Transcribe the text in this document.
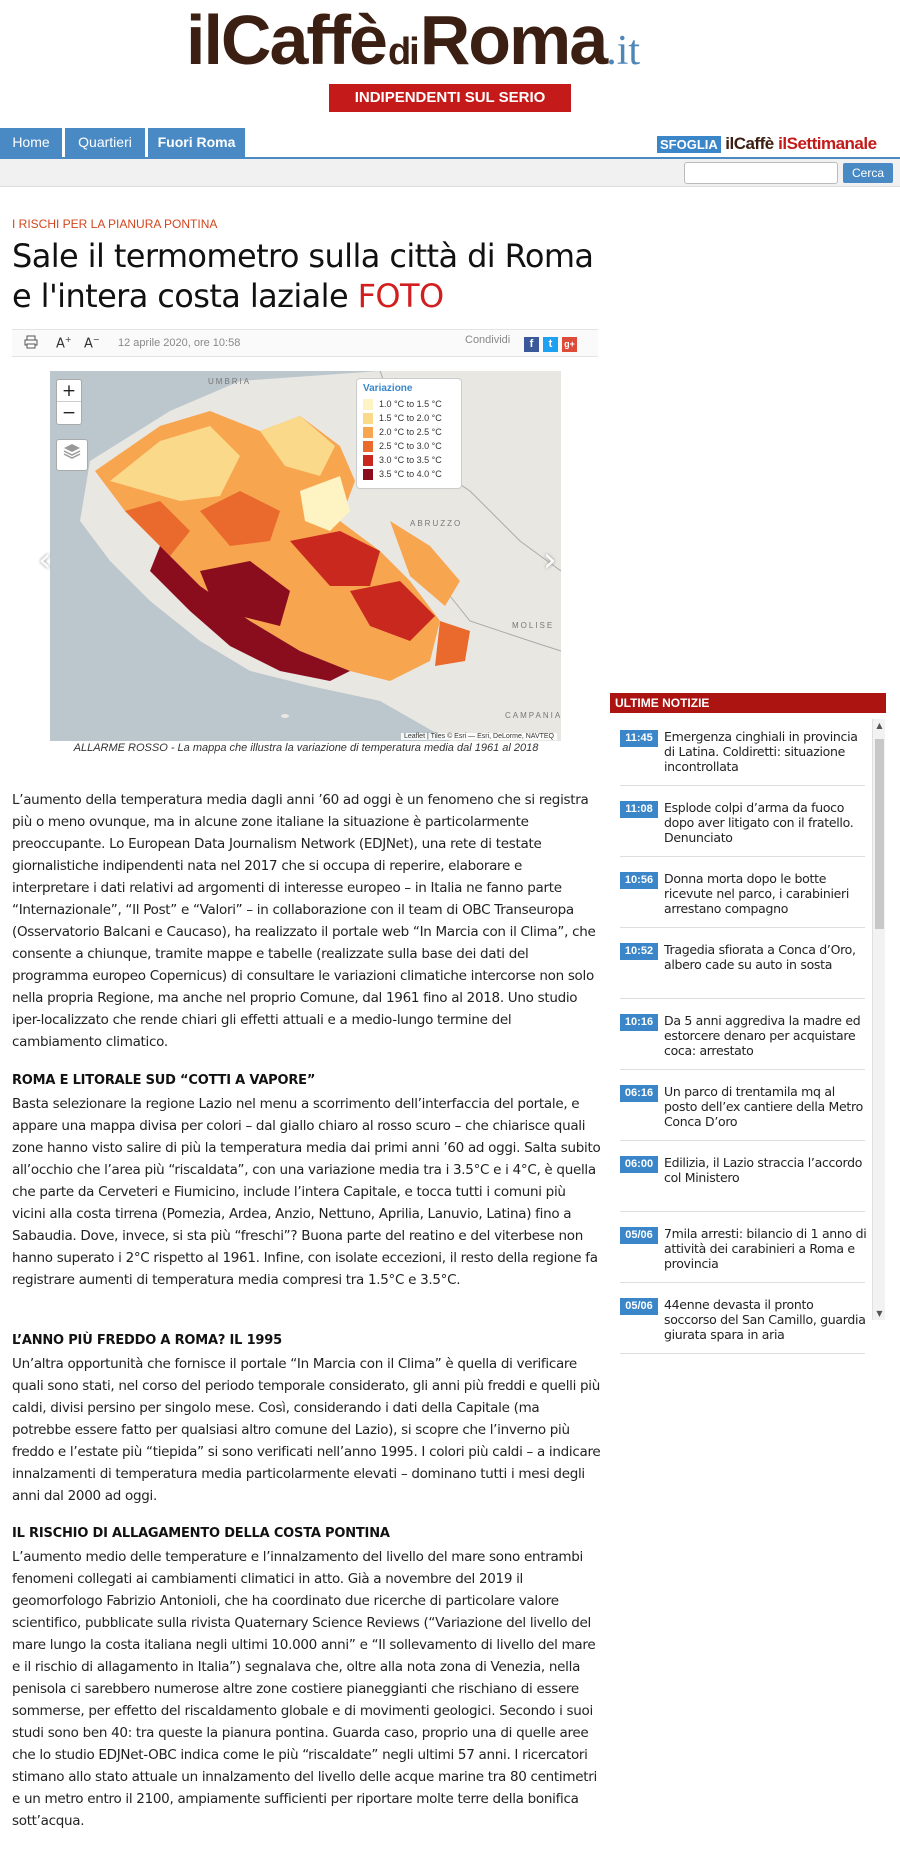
ilCaffèdiRoma.it
INDIPENDENTI SUL SERIO
Home	Quartieri	Fuori Roma	SFOGLIA ilCaffè ilSettimanale
Cerca
I RISCHI PER LA PIANURA PONTINA
Sale il termometro sulla città di Roma e l'intera costa laziale FOTO
A+ A− 12 aprile 2020, ore 10:58	Condividi	f	t	g+
UMBRIA
ABRUZZO
MOLISE
CAMPANIA
+
−
Variazione
1.0 °C to 1.5 °C
1.5 °C to 2.0 °C
2.0 °C to 2.5 °C
2.5 °C to 3.0 °C
3.0 °C to 3.5 °C
3.5 °C to 4.0 °C
Leaflet | Tiles © Esri — Esri, DeLorme, NAVTEQ
‹	›
ALLARME ROSSO - La mappa che illustra la variazione di temperatura media dal 1961 al 2018

L’aumento della temperatura media dagli anni ’60 ad oggi è un fenomeno che si registra più o meno ovunque, ma in alcune zone italiane la situazione è particolarmente preoccupante. Lo European Data Journalism Network (EDJNet), una rete di testate giornalistiche indipendenti nata nel 2017 che si occupa di reperire, elaborare e interpretare i dati relativi ad argomenti di interesse europeo – in Italia ne fanno parte “Internazionale”, “Il Post” e “Valori” – in collaborazione con il team di OBC Transeuropa (Osservatorio Balcani e Caucaso), ha realizzato il portale web “In Marcia con il Clima”, che consente a chiunque, tramite mappe e tabelle (realizzate sulla base dei dati del programma europeo Copernicus) di consultare le variazioni climatiche intercorse non solo nella propria Regione, ma anche nel proprio Comune, dal 1961 fino al 2018. Uno studio iper-localizzato che rende chiari gli effetti attuali e a medio-lungo termine del cambiamento climatico.

ROMA E LITORALE SUD “COTTI A VAPORE”

Basta selezionare la regione Lazio nel menu a scorrimento dell’interfaccia del portale, e appare una mappa divisa per colori – dal giallo chiaro al rosso scuro – che chiarisce quali zone hanno visto salire di più la temperatura media dai primi anni ’60 ad oggi. Salta subito all’occhio che l’area più “riscaldata”, con una variazione media tra i 3.5°C e i 4°C, è quella che parte da Cerveteri e Fiumicino, include l’intera Capitale, e tocca tutti i comuni più vicini alla costa tirrena (Pomezia, Ardea, Anzio, Nettuno, Aprilia, Lanuvio, Latina) fino a Sabaudia. Dove, invece, si sta più “freschi”? Buona parte del reatino e del viterbese non hanno superato i 2°C rispetto al 1961. Infine, con isolate eccezioni, il resto della regione fa registrare aumenti di temperatura media compresi tra 1.5°C e 3.5°C.

L’ANNO PIÙ FREDDO A ROMA? IL 1995

Un’altra opportunità che fornisce il portale “In Marcia con il Clima” è quella di verificare quali sono stati, nel corso del periodo temporale considerato, gli anni più freddi e quelli più caldi, divisi persino per singolo mese. Così, considerando i dati della Capitale (ma potrebbe essere fatto per qualsiasi altro comune del Lazio), si scopre che l’inverno più freddo e l’estate più “tiepida” si sono verificati nell’anno 1995. I colori più caldi – a indicare innalzamenti di temperatura media particolarmente elevati – dominano tutti i mesi degli anni dal 2000 ad oggi.

IL RISCHIO DI ALLAGAMENTO DELLA COSTA PONTINA

L’aumento medio delle temperature e l’innalzamento del livello del mare sono entrambi fenomeni collegati ai cambiamenti climatici in atto. Già a novembre del 2019 il geomorfologo Fabrizio Antonioli, che ha coordinato due ricerche di particolare valore scientifico, pubblicate sulla rivista Quaternary Science Reviews (“Variazione del livello del mare lungo la costa italiana negli ultimi 10.000 anni” e “Il sollevamento di livello del mare e il rischio di allagamento in Italia”) segnalava che, oltre alla nota zona di Venezia, nella penisola ci sarebbero numerose altre zone costiere pianeggianti che rischiano di essere sommerse, per effetto del riscaldamento globale e di movimenti geologici. Secondo i suoi studi sono ben 40: tra queste la pianura pontina. Guarda caso, proprio una di quelle aree che lo studio EDJNet-OBC indica come le più “riscaldate” negli ultimi 57 anni. I ricercatori stimano allo stato attuale un innalzamento del livello delle acque marine tra 80 centimetri e un metro entro il 2100, ampiamente sufficienti per riportare molte terre della bonifica sott’acqua.

ULTIME NOTIZIE
11:45 Emergenza cinghiali in provincia di Latina. Coldiretti: situazione incontrollata
11:08 Esplode colpi d’arma da fuoco dopo aver litigato con il fratello. Denunciato
10:56 Donna morta dopo le botte ricevute nel parco, i carabinieri arrestano compagno
10:52 Tragedia sfiorata a Conca d’Oro, albero cade su auto in sosta
10:16 Da 5 anni aggrediva la madre ed estorcere denaro per acquistare coca: arrestato
06:16 Un parco di trentamila mq al posto dell’ex cantiere della Metro Conca D’oro
06:00 Edilizia, il Lazio straccia l’accordo col Ministero
05/06 7mila arresti: bilancio di 1 anno di attività dei carabinieri a Roma e provincia
05/06 44enne devasta il pronto soccorso del San Camillo, guardia giurata spara in aria
▲
▼
